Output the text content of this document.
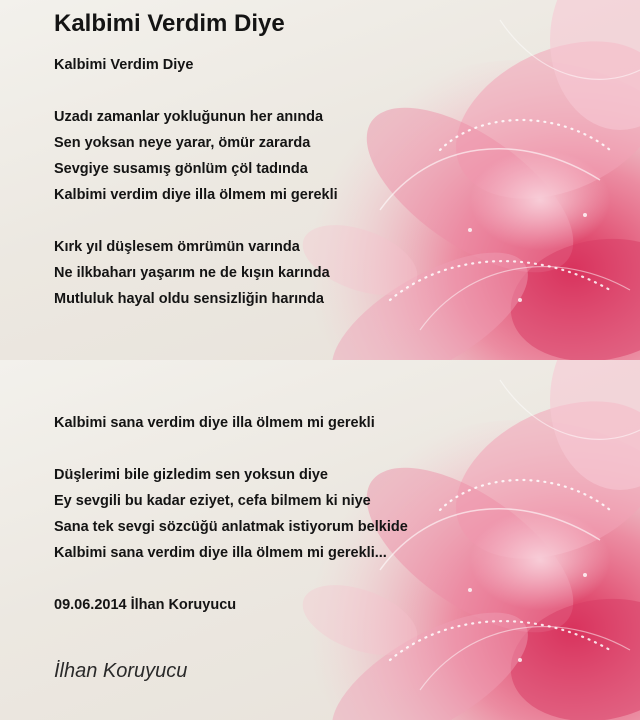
Kalbimi Verdim Diye
Kalbimi Verdim Diye
Uzadı zamanlar yokluğunun her anında
Sen yoksan neye yarar, ömür zararda
Sevgiye susamış gönlüm çöl tadında
Kalbimi verdim diye illa ölmem mi gerekli
Kırk yıl düşlesem ömrümün varında
Ne ilkbaharı yaşarım ne de kışın karında
Mutluluk hayal oldu sensizliğin harında
Kalbimi sana verdim diye illa ölmem mi gerekli
Düşlerimi bile gizledim sen yoksun diye
Ey sevgili bu kadar eziyet, cefa bilmem ki niye
Sana tek sevgi sözcüğü anlatmak istiyorum belkide
Kalbimi sana verdim diye illa ölmem mi gerekli...
09.06.2014 İlhan Koruyucu
İlhan Koruyucu
